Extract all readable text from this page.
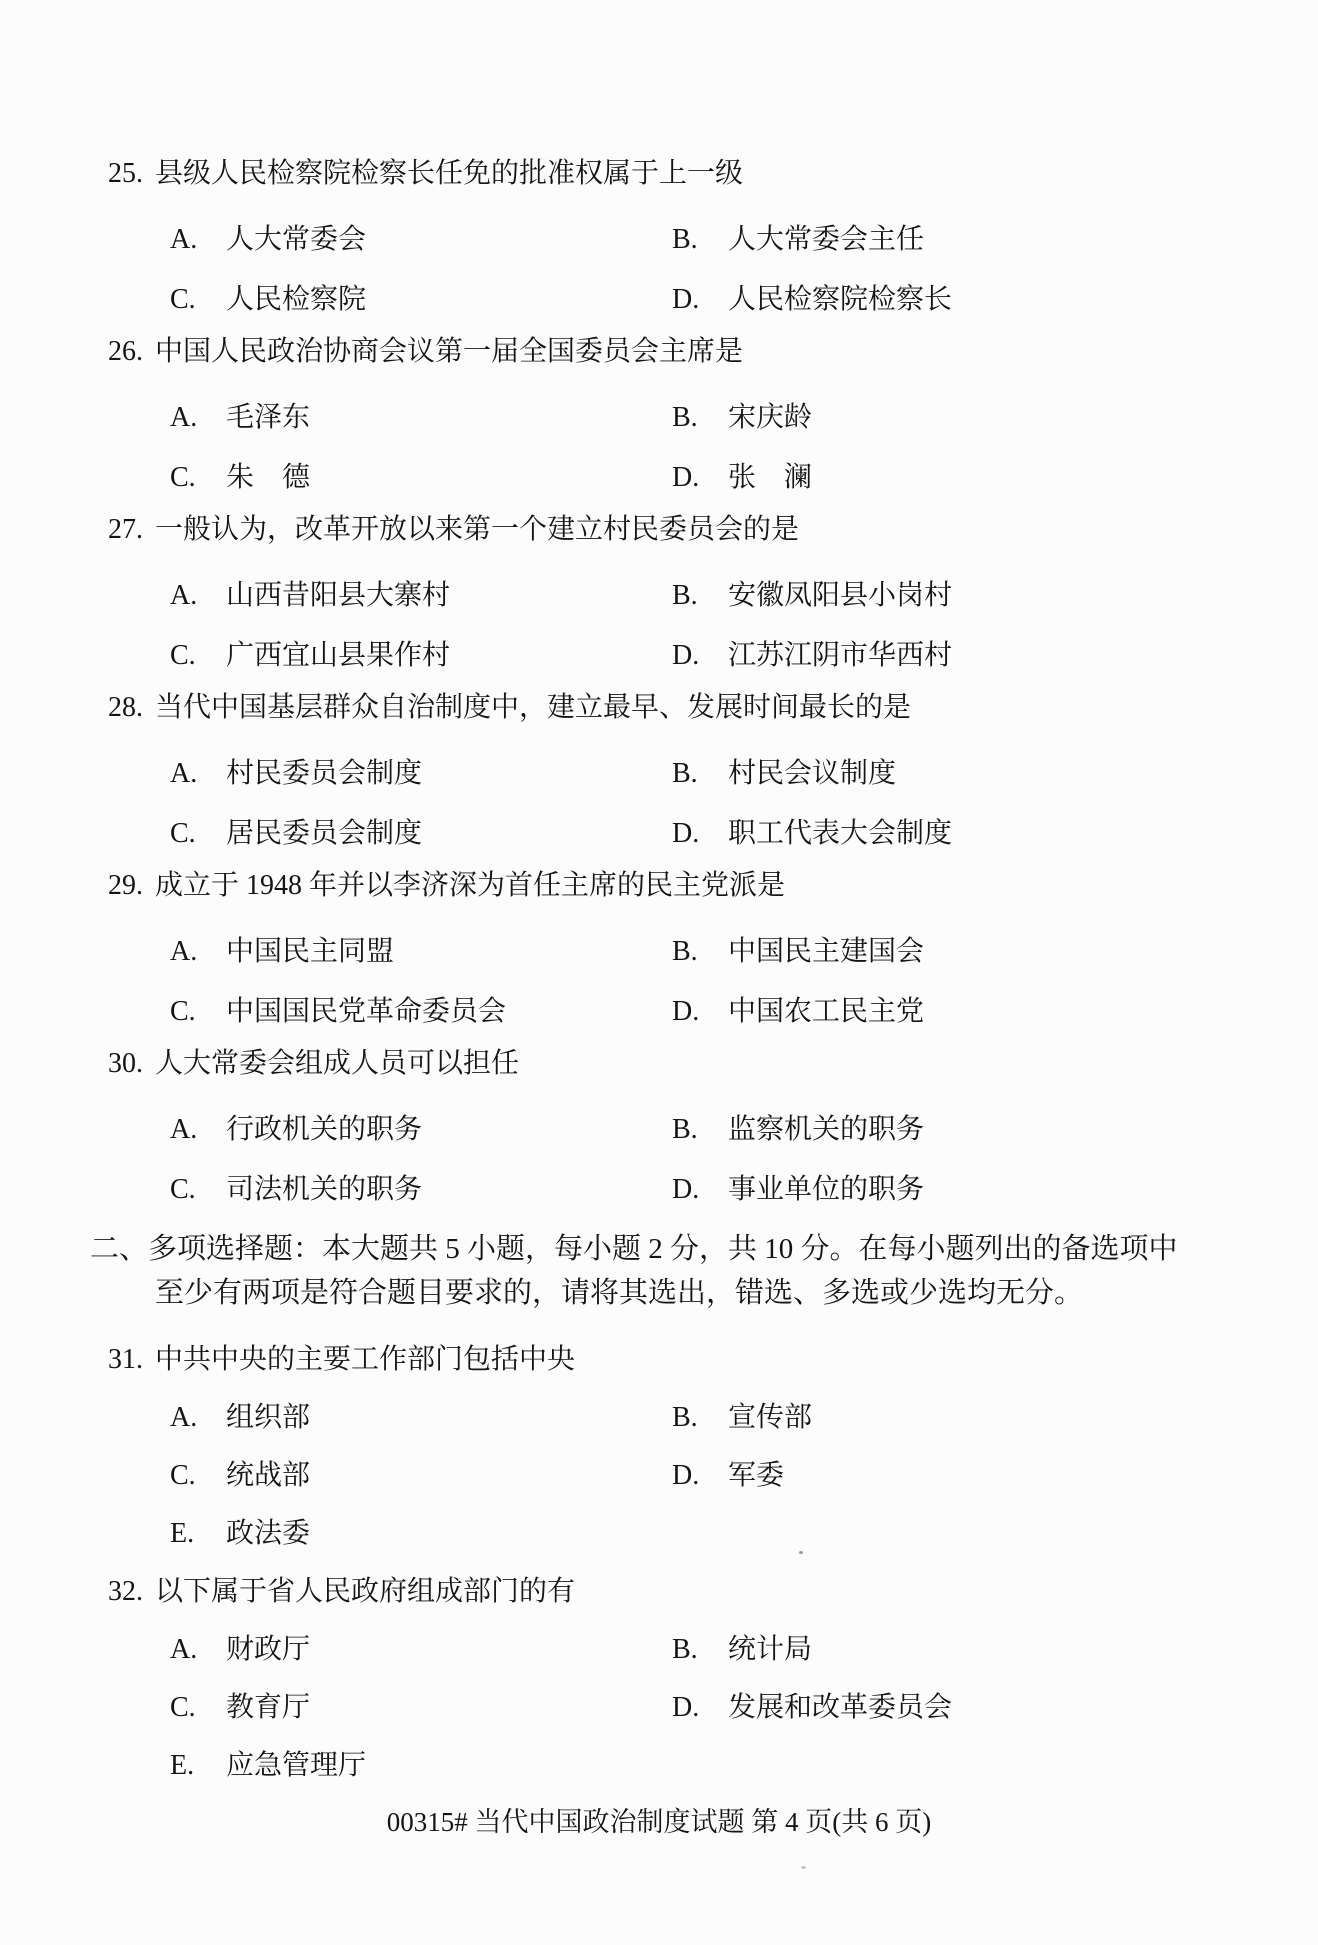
25. 县级人民检察院检察长任免的批准权属于上一级
A.	人大常委会	B.	人大常委会主任
C.	人民检察院	D.	人民检察院检察长
26. 中国人民政治协商会议第一届全国委员会主席是
A.	毛泽东	B.	宋庆龄
C.	朱　德	D.	张　澜
27. 一般认为，改革开放以来第一个建立村民委员会的是
A.	山西昔阳县大寨村	B.	安徽凤阳县小岗村
C.	广西宜山县果作村	D.	江苏江阴市华西村
28. 当代中国基层群众自治制度中，建立最早、发展时间最长的是
A.	村民委员会制度	B.	村民会议制度
C.	居民委员会制度	D.	职工代表大会制度
29. 成立于 1948 年并以李济深为首任主席的民主党派是
A.	中国民主同盟	B.	中国民主建国会
C.	中国国民党革命委员会	D.	中国农工民主党
30. 人大常委会组成人员可以担任
A.	行政机关的职务	B.	监察机关的职务
C.	司法机关的职务	D.	事业单位的职务
二、多项选择题：本大题共 5 小题，每小题 2 分，共 10 分。在每小题列出的备选项中
至少有两项是符合题目要求的，请将其选出，错选、多选或少选均无分。
31. 中共中央的主要工作部门包括中央
A.	组织部	B.	宣传部
C.	统战部	D.	军委
E.	政法委
32. 以下属于省人民政府组成部门的有
A.	财政厅	B.	统计局
C.	教育厅	D.	发展和改革委员会
E.	应急管理厅
00315# 当代中国政治制度试题 第 4 页(共 6 页)
